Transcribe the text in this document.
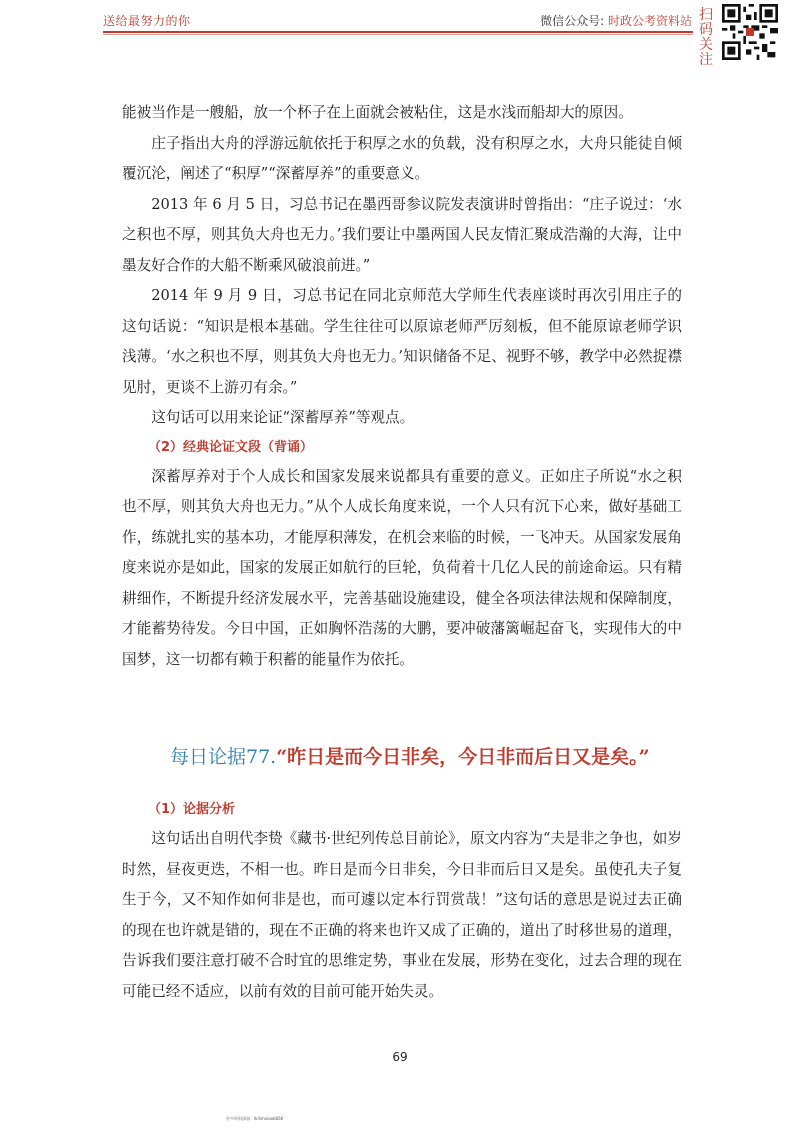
送给最努力的你	微信公众号: 时政公考资料站 扫码关注

能被当作是一艘船，放一个杯子在上面就会被粘住，这是水浅而船却大的原因。

庄子指出大舟的浮游远航依托于积厚之水的负载，没有积厚之水，大舟只能徒自倾覆沉沦，阐述了“积厚”“深蓄厚养”的重要意义。

2013 年 6 月 5 日，习总书记在墨西哥参议院发表演讲时曾指出：“庄子说过：‘水之积也不厚，则其负大舟也无力。’我们要让中墨两国人民友情汇聚成浩瀚的大海，让中墨友好合作的大船不断乘风破浪前进。”

2014 年 9 月 9 日，习总书记在同北京师范大学师生代表座谈时再次引用庄子的这句话说：“知识是根本基础。学生往往可以原谅老师严厉刻板，但不能原谅老师学识浅薄。‘水之积也不厚，则其负大舟也无力。’知识储备不足、视野不够，教学中必然捉襟见肘，更谈不上游刃有余。”

这句话可以用来论证“深蓄厚养”等观点。

（2）经典论证文段（背诵）

深蓄厚养对于个人成长和国家发展来说都具有重要的意义。正如庄子所说“水之积也不厚，则其负大舟也无力。”从个人成长角度来说，一个人只有沉下心来，做好基础工作，练就扎实的基本功，才能厚积薄发，在机会来临的时候，一飞冲天。从国家发展角度来说亦是如此，国家的发展正如航行的巨轮，负荷着十几亿人民的前途命运。只有精耕细作，不断提升经济发展水平，完善基础设施建设，健全各项法律法规和保障制度，才能蓄势待发。今日中国，正如胸怀浩荡的大鹏，要冲破藩篱崛起奋飞，实现伟大的中国梦，这一切都有赖于积蓄的能量作为依托。

每日论据77.“昨日是而今日非矣，今日非而后日又是矣。”

（1）论据分析

这句话出自明代李贽《藏书·世纪列传总目前论》，原文内容为“夫是非之争也，如岁时然，昼夜更迭，不相一也。昨日是而今日非矣，今日非而后日又是矣。虽使孔夫子复生于今，又不知作如何非是也，而可遽以定本行罚赏哉！”这句话的意思是说过去正确的现在也许就是错的，现在不正确的将来也许又成了正确的，道出了时移世易的道理，告诉我们要注意打破不合时宜的思维定势，事业在发展，形势在变化，过去合理的现在可能已经不适应，以前有效的目前可能开始失灵。

69
更多资料添加：Ikilimxiaob666
